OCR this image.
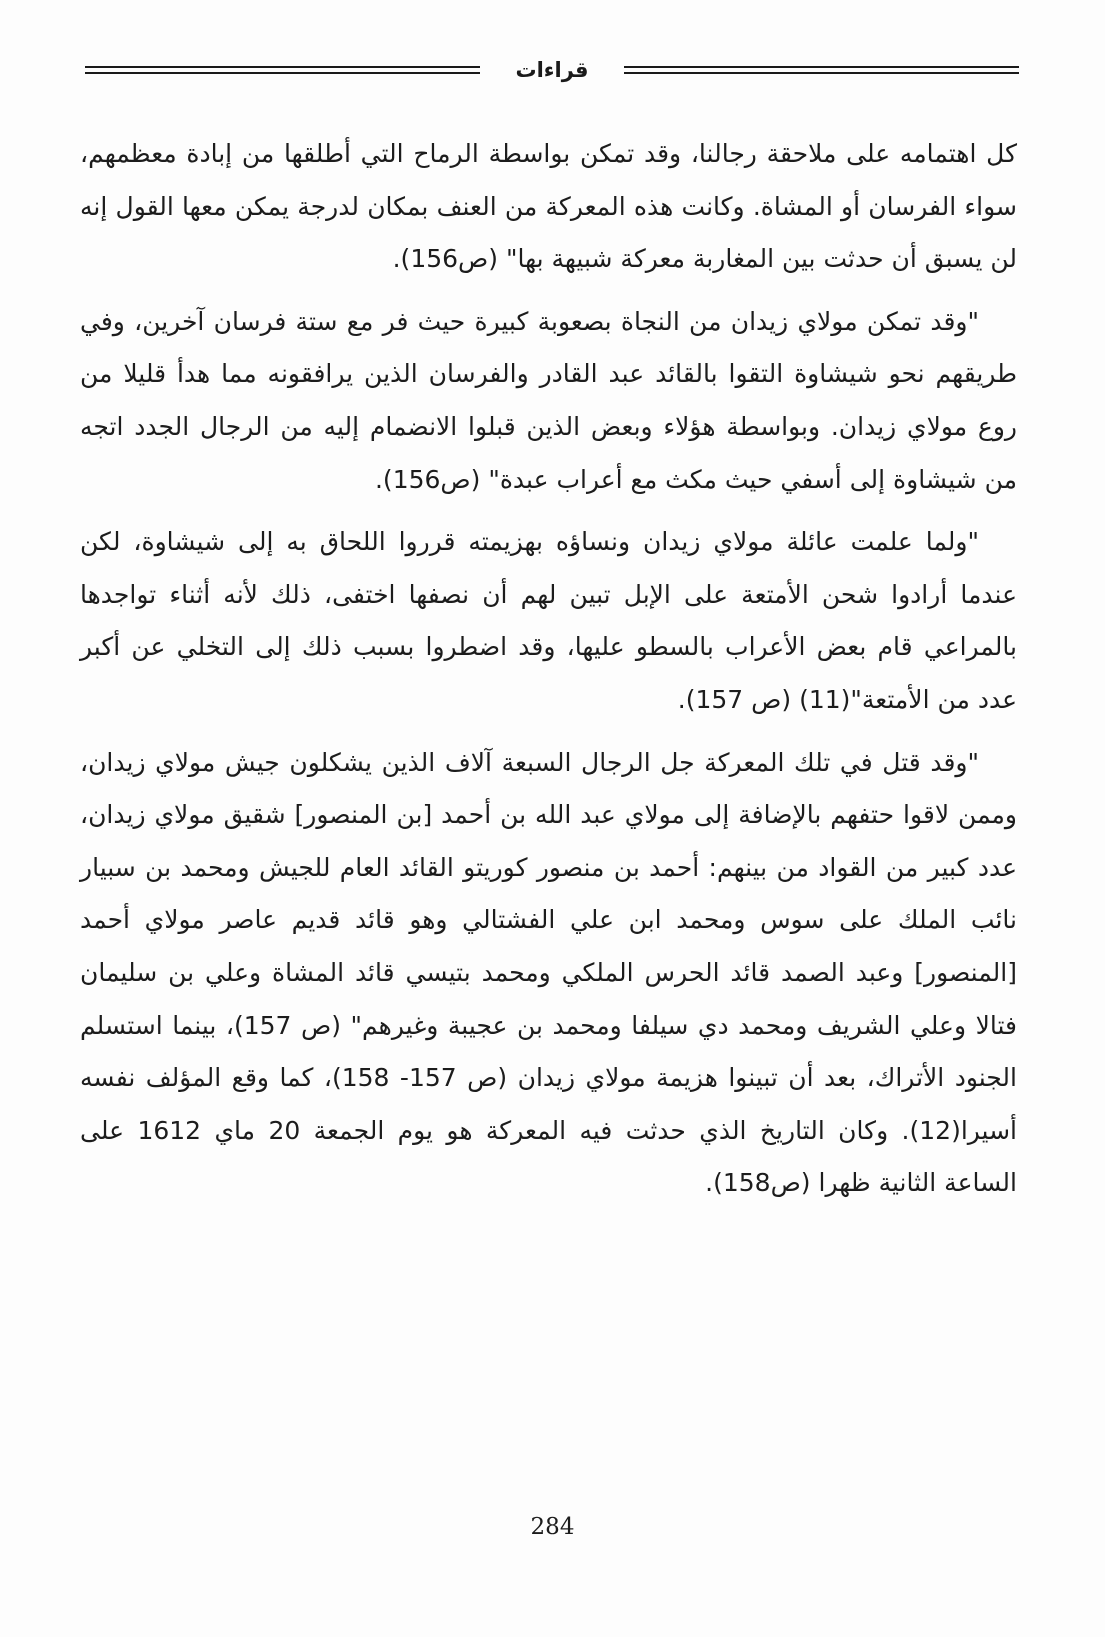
قراءات

كل اهتمامه على ملاحقة رجالنا، وقد تمكن بواسطة الرماح التي أطلقها من إبادة معظمهم، سواء الفرسان أو المشاة. وكانت هذه المعركة من العنف بمكان لدرجة يمكن معها القول إنه لن يسبق أن حدثت بين المغاربة معركة شبيهة بها" (ص156).

"وقد تمكن مولاي زيدان من النجاة بصعوبة كبيرة حيث فر مع ستة فرسان آخرين، وفي طريقهم نحو شيشاوة التقوا بالقائد عبد القادر والفرسان الذين يرافقونه مما هدأ قليلا من روع مولاي زيدان. وبواسطة هؤلاء وبعض الذين قبلوا الانضمام إليه من الرجال الجدد اتجه من شيشاوة إلى أسفي حيث مكث مع أعراب عبدة" (ص156).

"ولما علمت عائلة مولاي زيدان ونساؤه بهزيمته قرروا اللحاق به إلى شيشاوة، لكن عندما أرادوا شحن الأمتعة على الإبل تبين لهم أن نصفها اختفى، ذلك لأنه أثناء تواجدها بالمراعي قام بعض الأعراب بالسطو عليها، وقد اضطروا بسبب ذلك إلى التخلي عن أكبر عدد من الأمتعة"(11) (ص 157).

"وقد قتل في تلك المعركة جل الرجال السبعة آلاف الذين يشكلون جيش مولاي زيدان، وممن لاقوا حتفهم بالإضافة إلى مولاي عبد الله بن أحمد [بن المنصور] شقيق مولاي زيدان، عدد كبير من القواد من بينهم: أحمد بن منصور كوريتو القائد العام للجيش ومحمد بن سبيار نائب الملك على سوس ومحمد ابن علي الفشتالي وهو قائد قديم عاصر مولاي أحمد [المنصور] وعبد الصمد قائد الحرس الملكي ومحمد بتيسي قائد المشاة وعلي بن سليمان فتالا وعلي الشريف ومحمد دي سيلفا ومحمد بن عجيبة وغيرهم" (ص 157)، بينما استسلم الجنود الأتراك، بعد أن تبينوا هزيمة مولاي زيدان (ص 157- 158)، كما وقع المؤلف نفسه أسيرا(12). وكان التاريخ الذي حدثت فيه المعركة هو يوم الجمعة 20 ماي 1612 على الساعة الثانية ظهرا (ص158).

284
